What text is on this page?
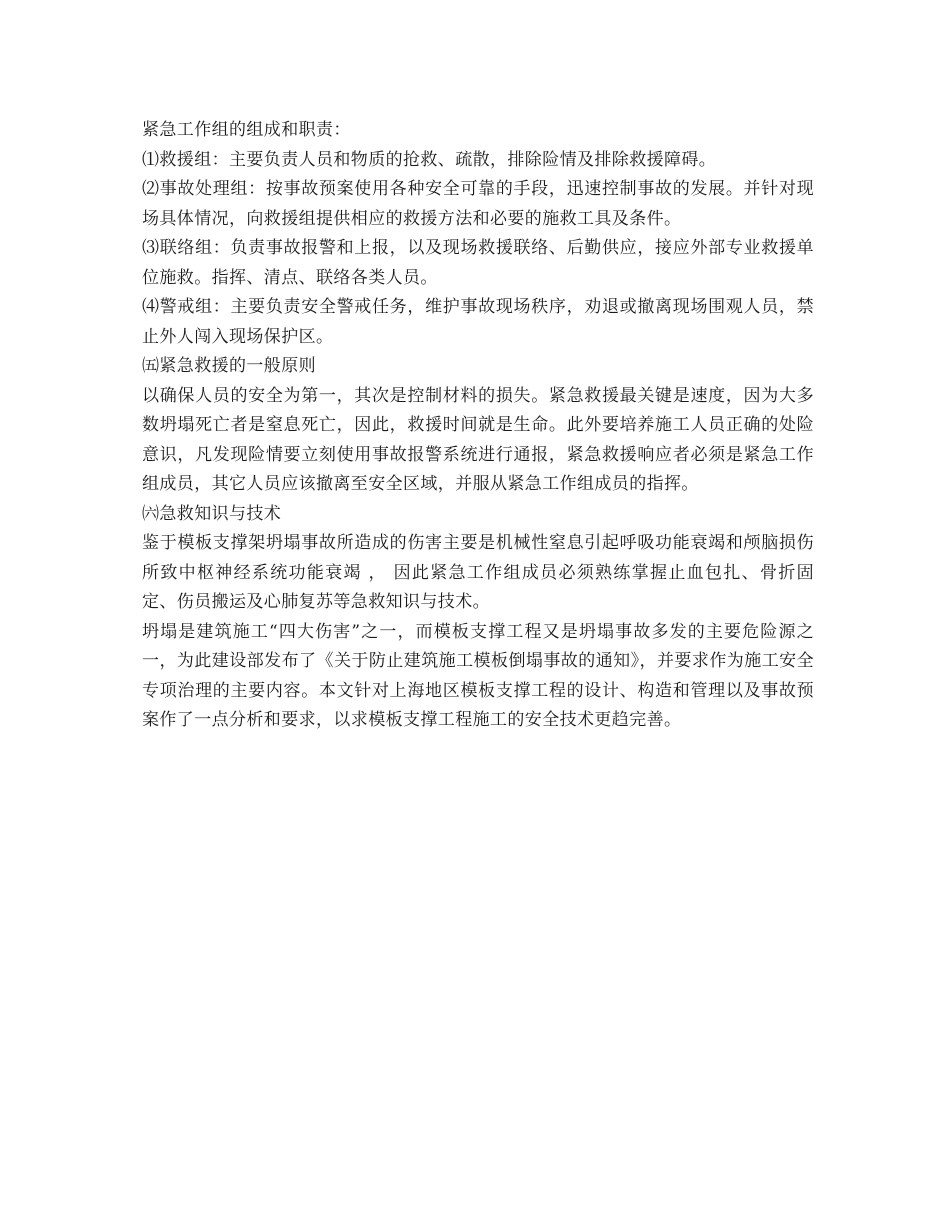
紧急工作组的组成和职责：

⑴救援组：主要负责人员和物质的抢救、疏散，排除险情及排除救援障碍。

⑵事故处理组：按事故预案使用各种安全可靠的手段，迅速控制事故的发展。并针对现场具体情况，向救援组提供相应的救援方法和必要的施救工具及条件。

⑶联络组：负责事故报警和上报，以及现场救援联络、后勤供应，接应外部专业救援单位施救。指挥、清点、联络各类人员。

⑷警戒组：主要负责安全警戒任务，维护事故现场秩序，劝退或撤离现场围观人员，禁止外人闯入现场保护区。

㈤紧急救援的一般原则

以确保人员的安全为第一，其次是控制材料的损失。紧急救援最关键是速度，因为大多数坍塌死亡者是窒息死亡，因此，救援时间就是生命。此外要培养施工人员正确的处险意识，凡发现险情要立刻使用事故报警系统进行通报，紧急救援响应者必须是紧急工作组成员，其它人员应该撤离至安全区域，并服从紧急工作组成员的指挥。

㈥急救知识与技术

鉴于模板支撑架坍塌事故所造成的伤害主要是机械性窒息引起呼吸功能衰竭和颅脑损伤所致中枢神经系统功能衰竭 ， 因此紧急工作组成员必须熟练掌握止血包扎、骨折固定、伤员搬运及心肺复苏等急救知识与技术。

坍塌是建筑施工“四大伤害”之一，而模板支撑工程又是坍塌事故多发的主要危险源之一，为此建设部发布了《关于防止建筑施工模板倒塌事故的通知》，并要求作为施工安全专项治理的主要内容。本文针对上海地区模板支撑工程的设计、构造和管理以及事故预案作了一点分析和要求，以求模板支撑工程施工的安全技术更趋完善。
